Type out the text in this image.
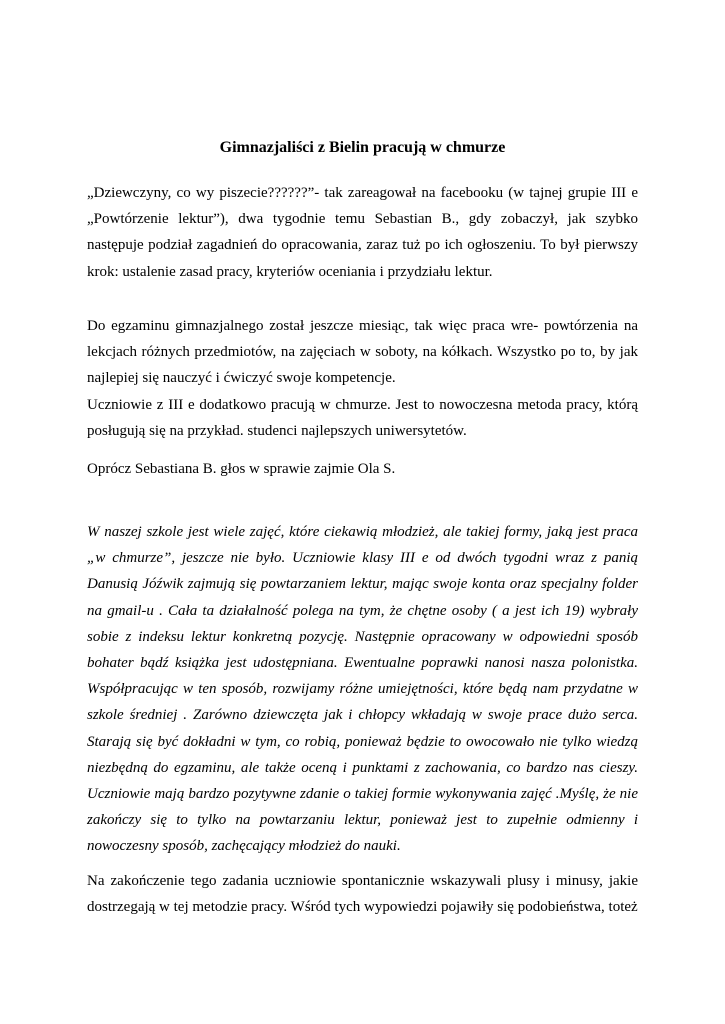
Gimnazjaliści z Bielin pracują w chmurze

„Dziewczyny, co wy piszecie??????”- tak zareagował na facebooku (w tajnej grupie III e „Powtórzenie lektur”), dwa tygodnie temu Sebastian B., gdy zobaczył, jak szybko następuje podział zagadnień do opracowania, zaraz tuż po ich ogłoszeniu. To był pierwszy krok: ustalenie zasad pracy, kryteriów oceniania i przydziału lektur.

Do egzaminu gimnazjalnego został jeszcze miesiąc, tak więc praca wre- powtórzenia na lekcjach różnych przedmiotów, na zajęciach w soboty, na kółkach. Wszystko po to, by jak najlepiej się nauczyć i ćwiczyć swoje kompetencje.
Uczniowie z III e dodatkowo pracują w chmurze. Jest to nowoczesna metoda pracy, którą posługują się na przykład. studenci najlepszych uniwersytetów.

Oprócz Sebastiana B. głos w sprawie zajmie Ola S.

W naszej szkole jest wiele zajęć, które ciekawią młodzież, ale takiej formy, jaką jest praca „w chmurze”, jeszcze nie było. Uczniowie klasy III e od dwóch tygodni wraz z panią Danusią Jóźwik zajmują się powtarzaniem lektur, mając swoje konta oraz specjalny folder na gmail-u . Cała ta działalność polega na tym, że chętne osoby ( a jest ich 19) wybrały sobie z indeksu lektur konkretną pozycję. Następnie opracowany w odpowiedni sposób bohater bądź książka jest udostępniana. Ewentualne poprawki nanosi nasza polonistka. Współpracując w ten sposób, rozwijamy różne umiejętności, które będą nam przydatne w szkole średniej . Zarówno dziewczęta jak i chłopcy wkładają w swoje prace dużo serca. Starają się być dokładni w tym, co robią, ponieważ będzie to owocowało nie tylko wiedzą niezbędną do egzaminu, ale także oceną i punktami z zachowania, co bardzo nas cieszy. Uczniowie mają bardzo pozytywne zdanie o takiej formie wykonywania zajęć .Myślę, że nie zakończy się to tylko na powtarzaniu lektur, ponieważ jest to zupełnie odmienny i nowoczesny sposób, zachęcający młodzież do nauki.

Na zakończenie tego zadania uczniowie spontanicznie wskazywali plusy i minusy, jakie dostrzegają w tej metodzie pracy. Wśród tych wypowiedzi pojawiły się podobieństwa, toteż
